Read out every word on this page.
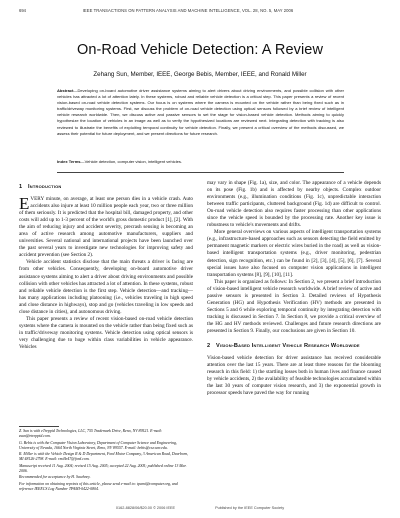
694	IEEE TRANSACTIONS ON PATTERN ANALYSIS AND MACHINE INTELLIGENCE, VOL. 28, NO. 5, MAY 2006
On-Road Vehicle Detection: A Review
Zehang Sun, Member, IEEE, George Bebis, Member, IEEE, and Ronald Miller
Abstract—Developing on-board automotive driver assistance systems aiming to alert drivers about driving environments, and possible collision with other vehicles has attracted a lot of attention lately. In these systems, robust and reliable vehicle detection is a critical step. This paper presents a review of recent vision-based on-road vehicle detection systems. Our focus is on systems where the camera is mounted on the vehicle rather than being fixed such as in traffic/driveway monitoring systems. First, we discuss the problem of on-road vehicle detection using optical sensors followed by a brief review of intelligent vehicle research worldwide. Then, we discuss active and passive sensors to set the stage for vision-based vehicle detection. Methods aiming to quickly hypothesize the location of vehicles in an image as well as to verify the hypothesized locations are reviewed next. Integrating detection with tracking is also reviewed to illustrate the benefits of exploiting temporal continuity for vehicle detection. Finally, we present a critical overview of the methods discussed, we assess their potential for future deployment, and we present directions for future research.
Index Terms—Vehicle detection, computer vision, intelligent vehicles.
1 Introduction

EVERY minute, on average, at least one person dies in a vehicle crash. Auto accidents also injure at least 10 million people each year, two or three million of them seriously. It is predicted that the hospital bill, damaged property, and other costs will add up to 1-3 percent of the world's gross domestic product [1], [2]. With the aim of reducing injury and accident severity, precrash sensing is becoming an area of active research among automotive manufacturers, suppliers and universities. Several national and international projects have been launched over the past several years to investigate new technologies for improving safety and accident prevention (see Section 2).

Vehicle accident statistics disclose that the main threats a driver is facing are from other vehicles. Consequently, developing on-board automotive driver assistance systems aiming to alert a driver about driving environments and possible collision with other vehicles has attracted a lot of attention. In these systems, robust and reliable vehicle detection is the first step. Vehicle detection—and tracking—has many applications including platooning (i.e., vehicles traveling in high speed and close distance in highways), stop and go (vehicles traveling in low speeds and close distance in cities), and autonomous driving.

This paper presents a review of recent vision-based on-road vehicle detection systems where the camera is mounted on the vehicle rather than being fixed such as in traffic/driveway monitoring systems. Vehicle detection using optical sensors is very challenging due to huge within class variabilities in vehicle appearance. Vehicles

Z. Sun is with eTreppid Technologies, LLC, 755 Trademark Drive, Reno, NV 89521. E-mail: zsun@etreppid.com.

G. Bebis is with the Computer Vision Laboratory, Department of Computer Science and Engineering, University of Nevada, 1664 North Virginia Street, Reno, NV 89557. E-mail: bebis@cse.unr.edu.

R. Miller is with the Vehicle Design R & D Department, Ford Motor Company, 3 American Road, Dearborn, MI 48126-2798. E-mail: rmille47@ford.com.

Manuscript received 11 Aug. 2004; revised 15 Aug. 2005; accepted 22 Aug. 2005; published online 13 Mar. 2006.

Recommended for acceptance by H. Sawhney.

For information on obtaining reprints of this article, please send e-mail to: tpami@computer.org, and reference IEEECS Log Number TPAMI-0422-0804.

may vary in shape (Fig. 1a), size, and color. The appearance of a vehicle depends on its pose (Fig. 1b) and is affected by nearby objects. Complex outdoor environments (e.g., illumination conditions (Fig. 1c), unpredictable interaction between traffic participants, cluttered background (Fig. 1d) are difficult to control. On-road vehicle detection also requires faster processing than other applications since the vehicle speed is bounded by the processing rate. Another key issue is robustness to vehicle's movements and drifts.

More general overviews on various aspects of intelligent transportation systems (e.g., infrastructure-based approaches such as sensors detecting the field emitted by permanent magnetic markers or electric wires buried in the road) as well as vision-based intelligent transportation systems (e.g., driver monitoring, pedestrian detection, sign recognition, etc.) can be found in [2], [3], [4], [5], [6], [7]. Several special issues have also focused on computer vision applications in intelligent transportation systems [8], [9], [10], [11].

This paper is organized as follows: In Section 2, we present a brief introduction of vision-based intelligent vehicle research worldwide. A brief review of active and passive sensors is presented in Section 3. Detailed reviews of Hypothesis Generation (HG) and Hypothesis Verification (HV) methods are presented in Sections 5 and 6 while exploring temporal continuity by integrating detection with tracking is discussed in Section 7. In Section 8, we provide a critical overview of the HG and HV methods reviewed. Challenges and future research directions are presented in Section 9. Finally, our conclusions are given in Section 10.

2 Vision-Based Intelligent Vehicle Research Worldwide

Vision-based vehicle detection for driver assistance has received considerable attention over the last 15 years. There are at least three reasons for the blooming research in this field: 1) the startling losses both in human lives and finance caused by vehicle accidents, 2) the availability of feasible technologies accumulated within the last 30 years of computer vision research, and 3) the exponential growth in processor speeds have paved the way for running

0162-8828/06/$20.00 © 2006 IEEE	Published by the IEEE Computer Society
